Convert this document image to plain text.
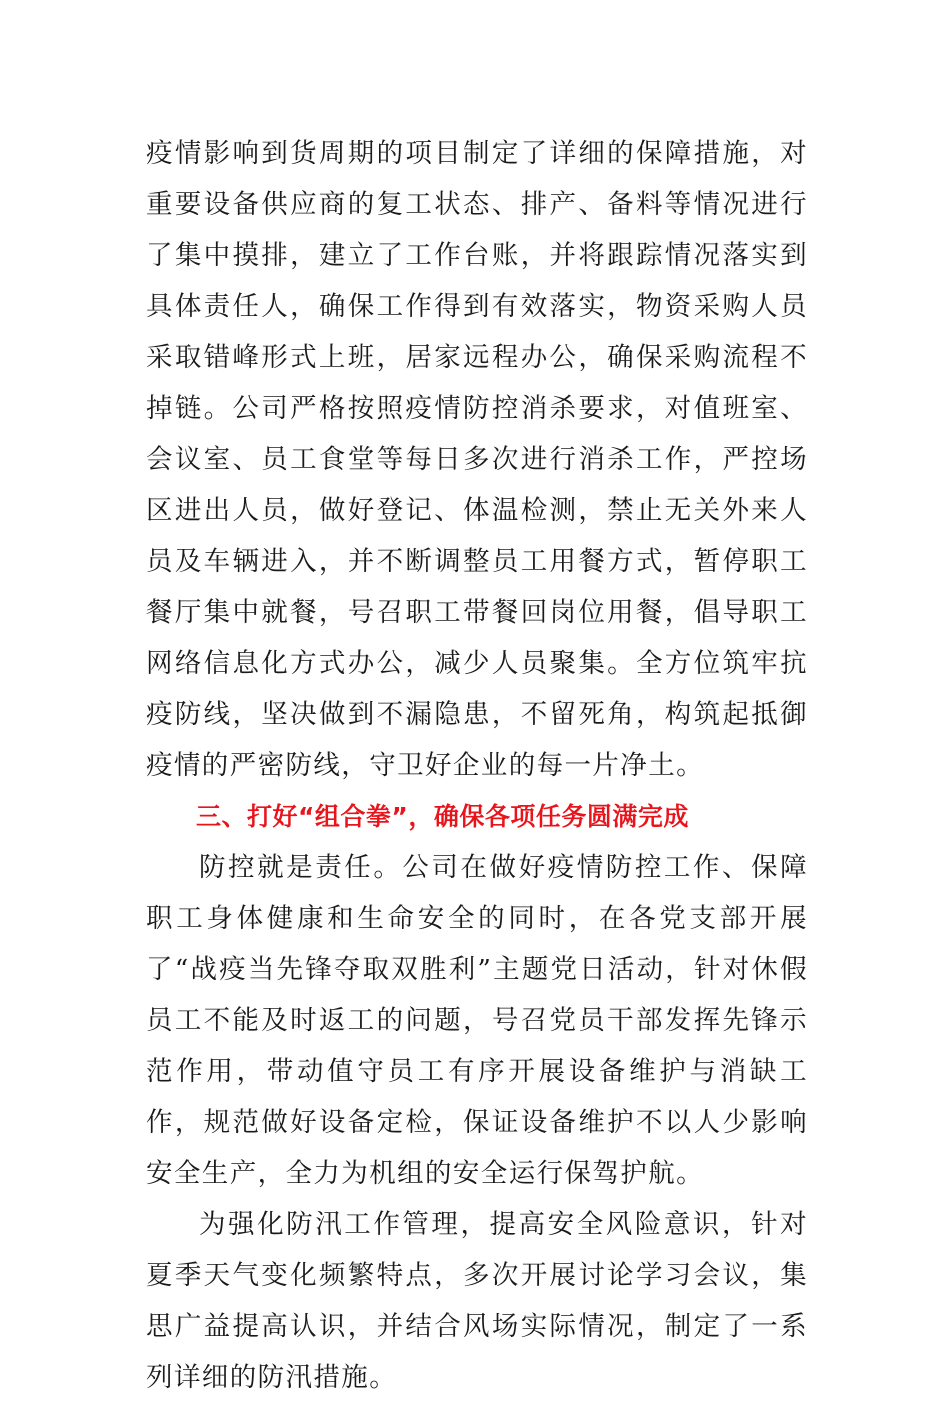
疫情影响到货周期的项目制定了详细的保障措施，对重要设备供应商的复工状态、排产、备料等情况进行了集中摸排，建立了工作台账，并将跟踪情况落实到具体责任人，确保工作得到有效落实，物资采购人员采取错峰形式上班，居家远程办公，确保采购流程不掉链。公司严格按照疫情防控消杀要求，对值班室、会议室、员工食堂等每日多次进行消杀工作，严控场区进出人员，做好登记、体温检测，禁止无关外来人员及车辆进入，并不断调整员工用餐方式，暂停职工餐厅集中就餐，号召职工带餐回岗位用餐，倡导职工网络信息化方式办公，减少人员聚集。全方位筑牢抗疫防线，坚决做到不漏隐患，不留死角，构筑起抵御疫情的严密防线，守卫好企业的每一片净土。

三、打好“组合拳”，确保各项任务圆满完成

防控就是责任。公司在做好疫情防控工作、保障职工身体健康和生命安全的同时，在各党支部开展了“战疫当先锋夺取双胜利”主题党日活动，针对休假员工不能及时返工的问题，号召党员干部发挥先锋示范作用，带动值守员工有序开展设备维护与消缺工作，规范做好设备定检，保证设备维护不以人少影响安全生产，全力为机组的安全运行保驾护航。

为强化防汛工作管理，提高安全风险意识，针对夏季天气变化频繁特点，多次开展讨论学习会议，集思广益提高认识，并结合风场实际情况，制定了一系列详细的防汛措施。
